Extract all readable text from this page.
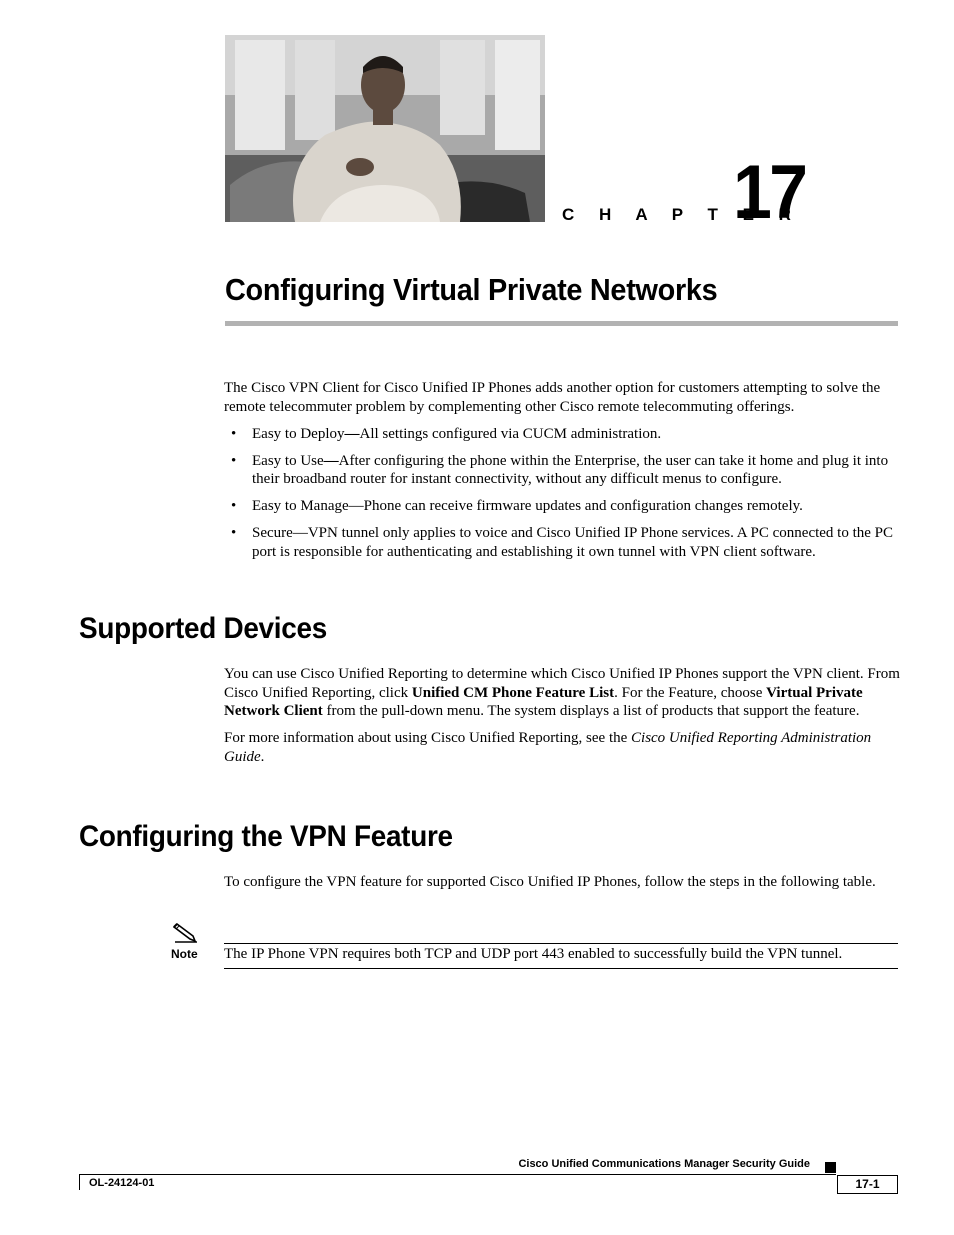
C H A P T E R
17
Configuring Virtual Private Networks

The Cisco VPN Client for Cisco Unified IP Phones adds another option for customers attempting to solve the remote telecommuter problem by complementing other Cisco remote telecommuting offerings.

• Easy to Deploy—All settings configured via CUCM administration.
• Easy to Use—After configuring the phone within the Enterprise, the user can take it home and plug it into their broadband router for instant connectivity, without any difficult menus to configure.
• Easy to Manage—Phone can receive firmware updates and configuration changes remotely.
• Secure—VPN tunnel only applies to voice and Cisco Unified IP Phone services. A PC connected to the PC port is responsible for authenticating and establishing it own tunnel with VPN client software.
Supported Devices

You can use Cisco Unified Reporting to determine which Cisco Unified IP Phones support the VPN client. From Cisco Unified Reporting, click Unified CM Phone Feature List. For the Feature, choose Virtual Private Network Client from the pull-down menu. The system displays a list of products that support the feature.

For more information about using Cisco Unified Reporting, see the Cisco Unified Reporting Administration Guide.

Configuring the VPN Feature

To configure the VPN feature for supported Cisco Unified IP Phones, follow the steps in the following table.

Note The IP Phone VPN requires both TCP and UDP port 443 enabled to successfully build the VPN tunnel.
Cisco Unified Communications Manager Security Guide
OL-24124-01	17-1
